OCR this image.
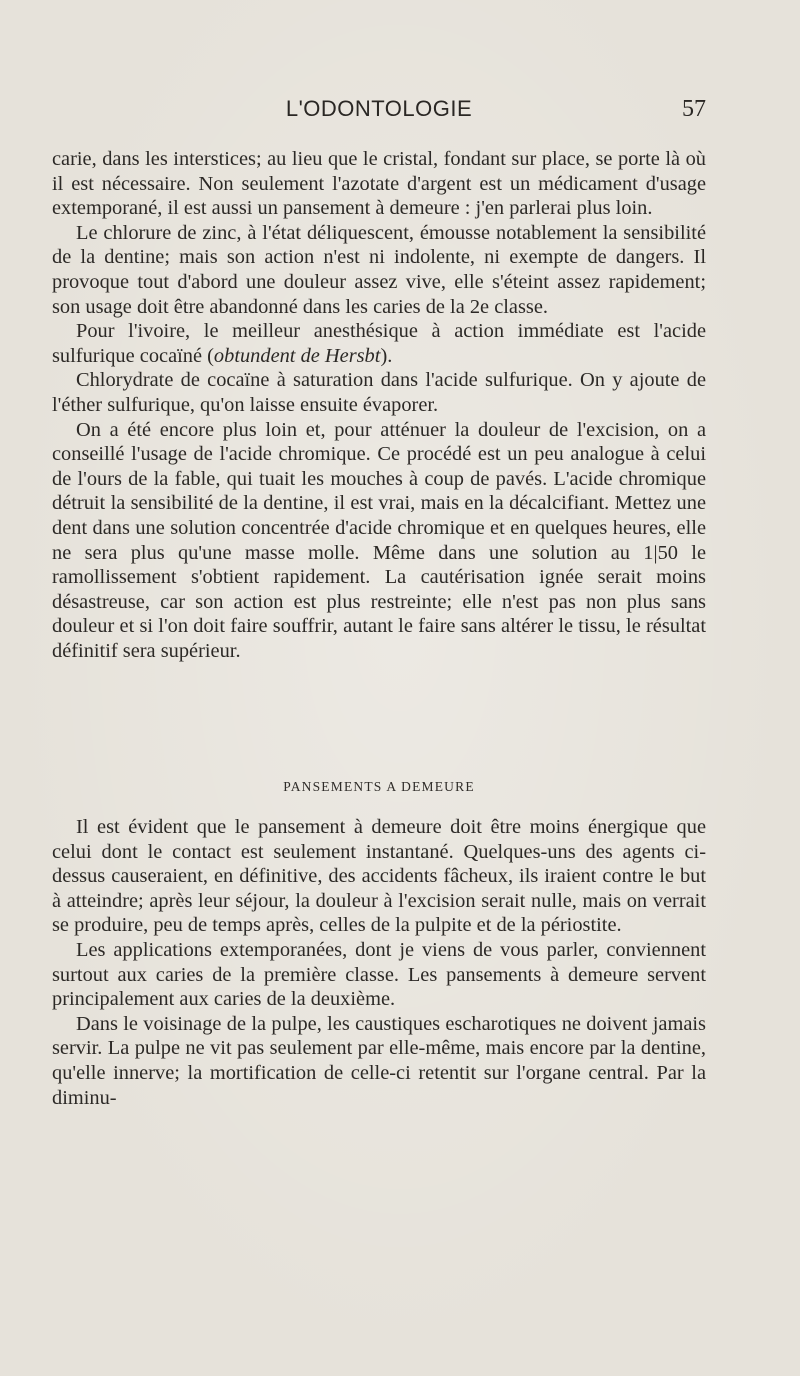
L'ODONTOLOGIE	57

carie, dans les interstices; au lieu que le cristal, fondant sur place, se porte là où il est nécessaire. Non seulement l'azotate d'argent est un médicament d'usage extemporané, il est aussi un pansement à demeure : j'en parlerai plus loin.

Le chlorure de zinc, à l'état déliquescent, émousse notablement la sensibilité de la dentine; mais son action n'est ni indolente, ni exempte de dangers. Il provoque tout d'abord une douleur assez vive, elle s'éteint assez rapidement; son usage doit être abandonné dans les caries de la 2e classe.

Pour l'ivoire, le meilleur anesthésique à action immédiate est l'acide sulfurique cocaïné (obtundent de Hersbt).

Chlorydrate de cocaïne à saturation dans l'acide sulfurique. On y ajoute de l'éther sulfurique, qu'on laisse ensuite évaporer.

On a été encore plus loin et, pour atténuer la douleur de l'excision, on a conseillé l'usage de l'acide chromique. Ce procédé est un peu analogue à celui de l'ours de la fable, qui tuait les mouches à coup de pavés. L'acide chromique détruit la sensibilité de la dentine, il est vrai, mais en la décalcifiant. Mettez une dent dans une solution concentrée d'acide chromique et en quelques heures, elle ne sera plus qu'une masse molle. Même dans une solution au 1|50 le ramollissement s'obtient rapidement. La cautérisation ignée serait moins désastreuse, car son action est plus restreinte; elle n'est pas non plus sans douleur et si l'on doit faire souffrir, autant le faire sans altérer le tissu, le résultat définitif sera supérieur.

PANSEMENTS A DEMEURE

Il est évident que le pansement à demeure doit être moins énergique que celui dont le contact est seulement instantané. Quelques-uns des agents ci-dessus causeraient, en définitive, des accidents fâcheux, ils iraient contre le but à atteindre; après leur séjour, la douleur à l'excision serait nulle, mais on verrait se produire, peu de temps après, celles de la pulpite et de la périostite.

Les applications extemporanées, dont je viens de vous parler, conviennent surtout aux caries de la première classe. Les pansements à demeure servent principalement aux caries de la deuxième.

Dans le voisinage de la pulpe, les caustiques escharotiques ne doivent jamais servir. La pulpe ne vit pas seulement par elle-même, mais encore par la dentine, qu'elle innerve; la mortification de celle-ci retentit sur l'organe central. Par la diminu-
